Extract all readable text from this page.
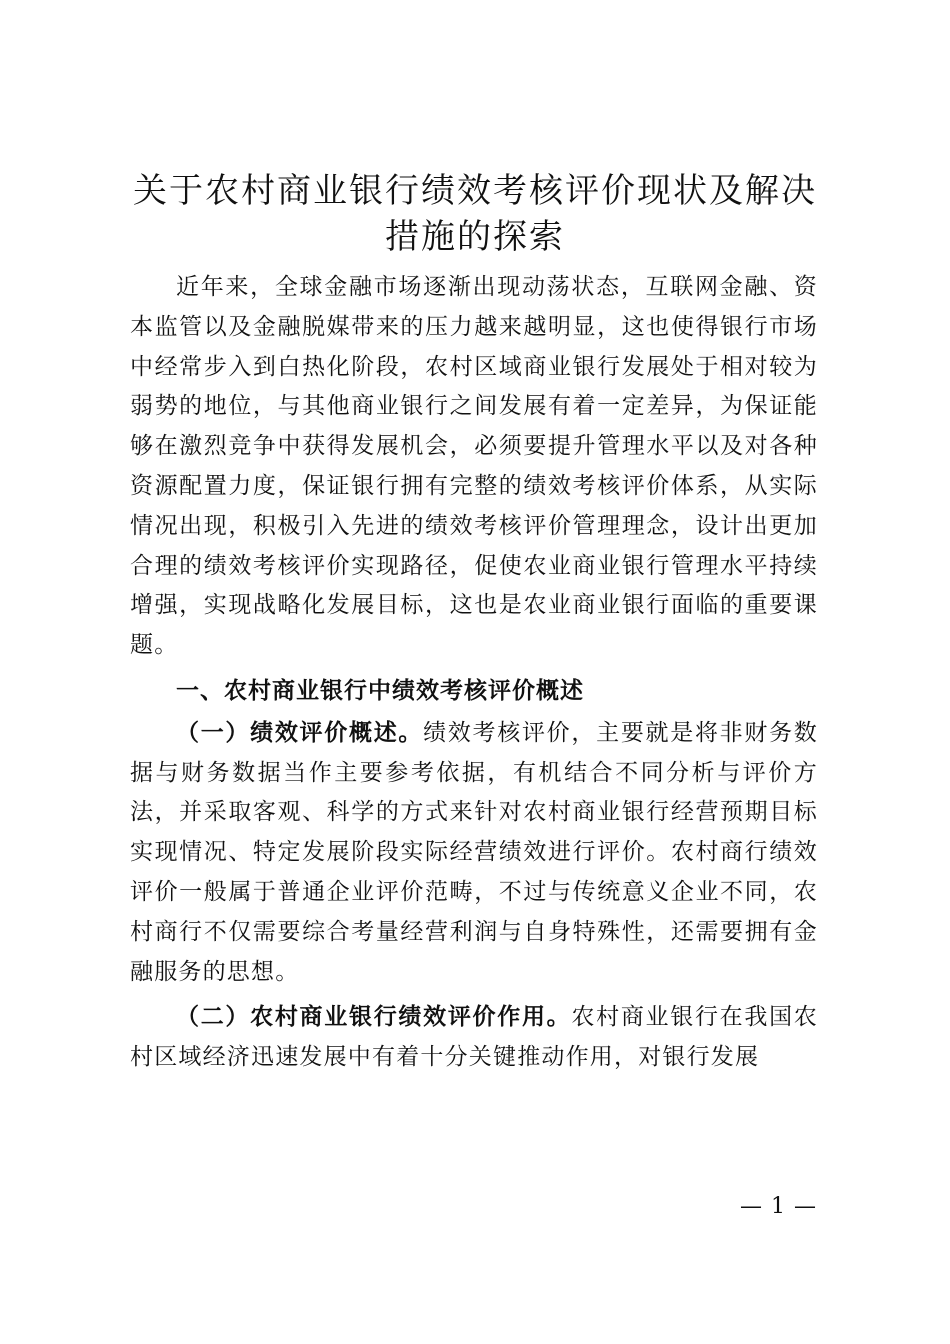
关于农村商业银行绩效考核评价现状及解决措施的探索

近年来，全球金融市场逐渐出现动荡状态，互联网金融、资本监管以及金融脱媒带来的压力越来越明显，这也使得银行市场中经常步入到白热化阶段，农村区域商业银行发展处于相对较为弱势的地位，与其他商业银行之间发展有着一定差异，为保证能够在激烈竞争中获得发展机会，必须要提升管理水平以及对各种资源配置力度，保证银行拥有完整的绩效考核评价体系，从实际情况出现，积极引入先进的绩效考核评价管理理念，设计出更加合理的绩效考核评价实现路径，促使农业商业银行管理水平持续增强，实现战略化发展目标，这也是农业商业银行面临的重要课题。

一、农村商业银行中绩效考核评价概述

（一）绩效评价概述。绩效考核评价，主要就是将非财务数据与财务数据当作主要参考依据，有机结合不同分析与评价方法，并采取客观、科学的方式来针对农村商业银行经营预期目标实现情况、特定发展阶段实际经营绩效进行评价。农村商行绩效评价一般属于普通企业评价范畴，不过与传统意义企业不同，农村商行不仅需要综合考量经营利润与自身特殊性，还需要拥有金融服务的思想。

（二）农村商业银行绩效评价作用。农村商业银行在我国农村区域经济迅速发展中有着十分关键推动作用，对银行发展

— 1 —
